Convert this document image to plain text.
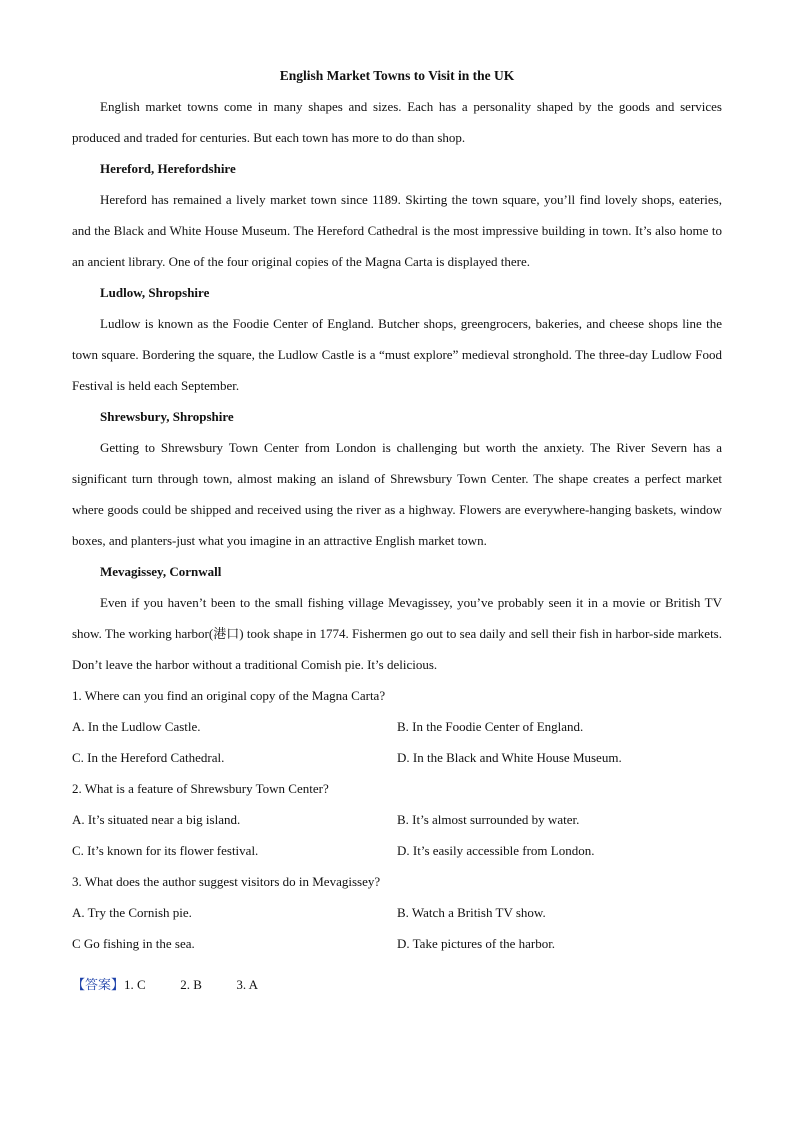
English Market Towns to Visit in the UK

English market towns come in many shapes and sizes. Each has a personality shaped by the goods and services produced and traded for centuries. But each town has more to do than shop.

Hereford, Herefordshire

Hereford has remained a lively market town since 1189. Skirting the town square, you’ll find lovely shops, eateries, and the Black and White House Museum. The Hereford Cathedral is the most impressive building in town. It’s also home to an ancient library. One of the four original copies of the Magna Carta is displayed there.

Ludlow, Shropshire

Ludlow is known as the Foodie Center of England. Butcher shops, greengrocers, bakeries, and cheese shops line the town square. Bordering the square, the Ludlow Castle is a “must explore” medieval stronghold. The three-day Ludlow Food Festival is held each September.

Shrewsbury, Shropshire

Getting to Shrewsbury Town Center from London is challenging but worth the anxiety. The River Severn has a significant turn through town, almost making an island of Shrewsbury Town Center. The shape creates a perfect market where goods could be shipped and received using the river as a highway. Flowers are everywhere-hanging baskets, window boxes, and planters-just what you imagine in an attractive English market town.

Mevagissey, Cornwall

Even if you haven’t been to the small fishing village Mevagissey, you’ve probably seen it in a movie or British TV show. The working harbor(港口) took shape in 1774. Fishermen go out to sea daily and sell their fish in harbor-side markets. Don’t leave the harbor without a traditional Comish pie. It’s delicious.

1. Where can you find an original copy of the Magna Carta?
A. In the Ludlow Castle.	B. In the Foodie Center of England.
C. In the Hereford Cathedral.	D. In the Black and White House Museum.
2. What is a feature of Shrewsbury Town Center?
A. It’s situated near a big island.	B. It’s almost surrounded by water.
C. It’s known for its flower festival.	D. It’s easily accessible from London.
3. What does the author suggest visitors do in Mevagissey?
A. Try the Cornish pie.	B. Watch a British TV show.
C Go fishing in the sea.	D. Take pictures of the harbor.
【答案】1. C	2. B	3. A
